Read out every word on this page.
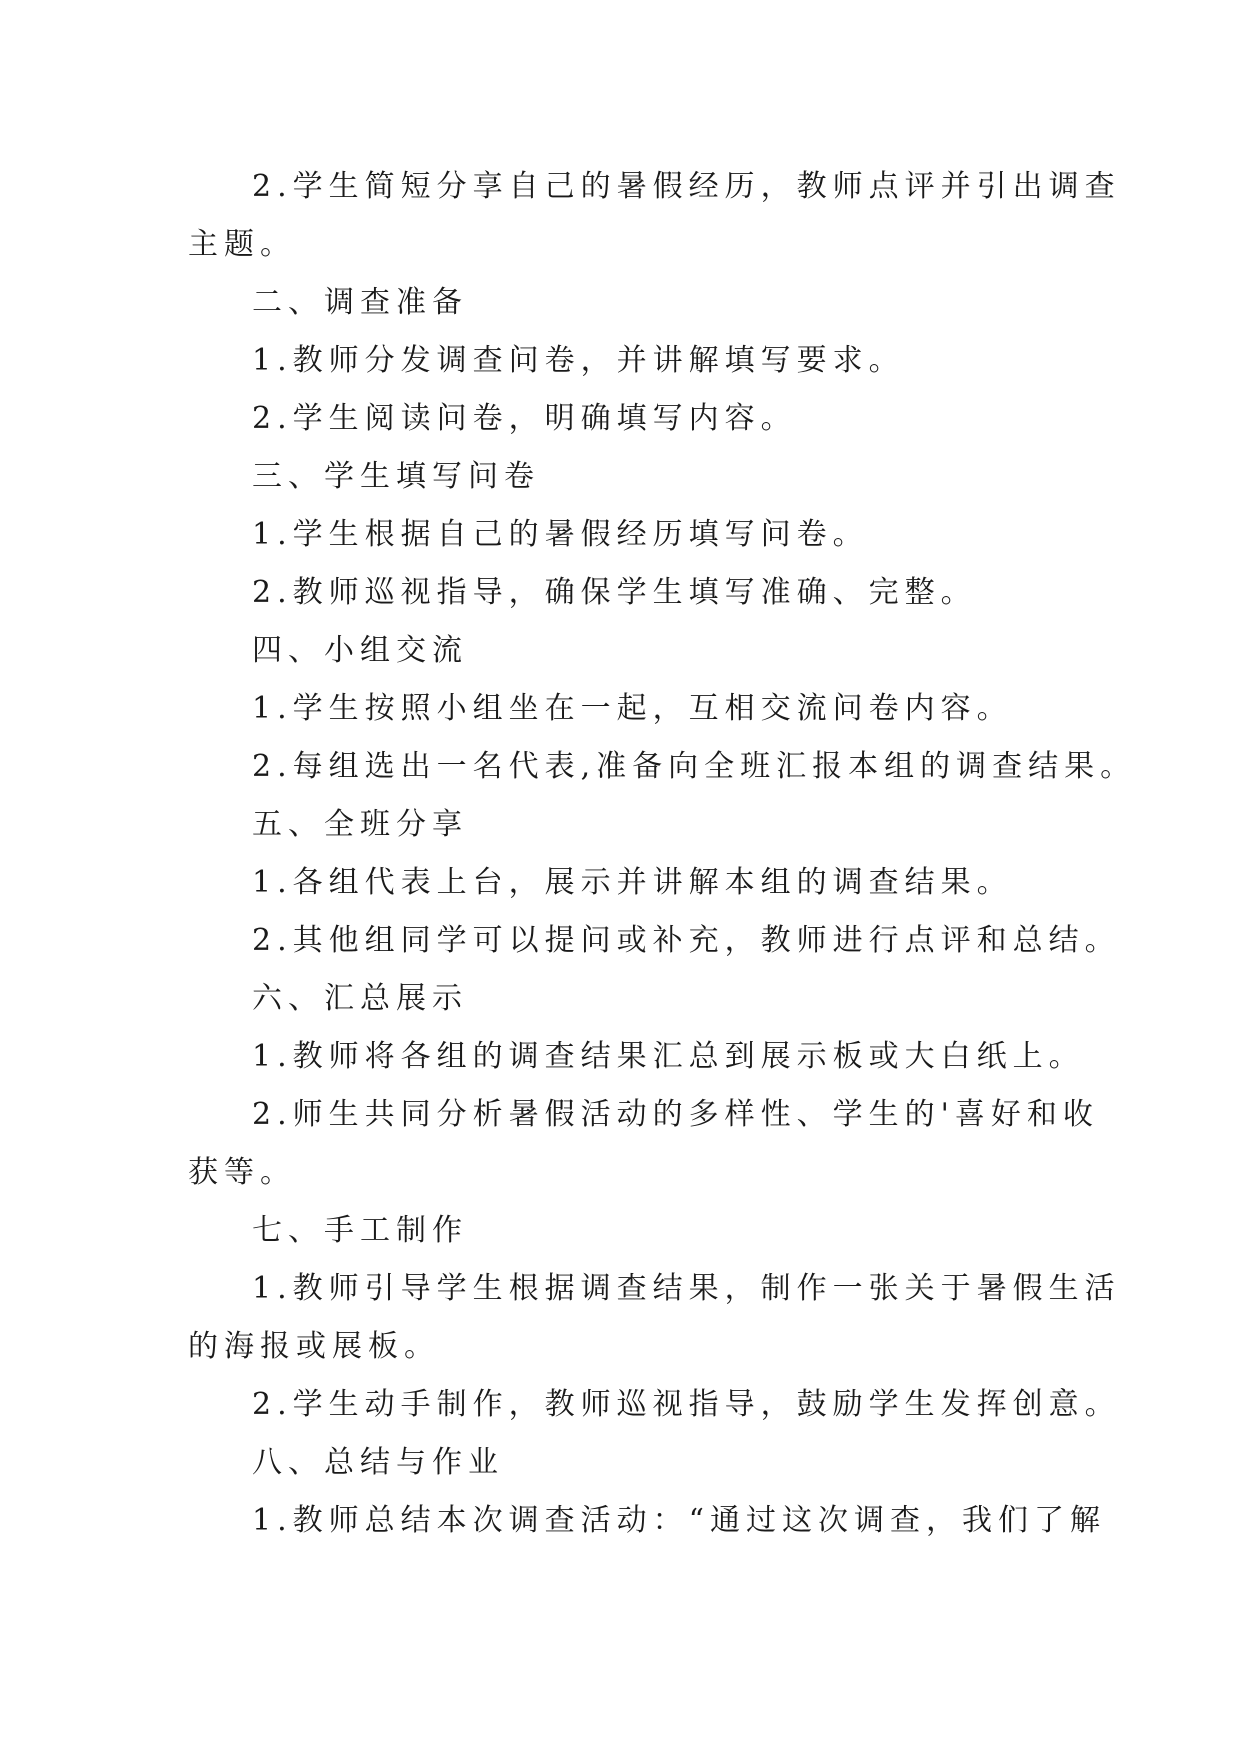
2.学生简短分享自己的暑假经历，教师点评并引出调查
主题。
二、调查准备
1.教师分发调查问卷，并讲解填写要求。
2.学生阅读问卷，明确填写内容。
三、学生填写问卷
1.学生根据自己的暑假经历填写问卷。
2.教师巡视指导，确保学生填写准确、完整。
四、小组交流
1.学生按照小组坐在一起，互相交流问卷内容。
2.每组选出一名代表,准备向全班汇报本组的调查结果。
五、全班分享
1.各组代表上台，展示并讲解本组的调查结果。
2.其他组同学可以提问或补充，教师进行点评和总结。
六、汇总展示
1.教师将各组的调查结果汇总到展示板或大白纸上。
2.师生共同分析暑假活动的多样性、学生的'喜好和收
获等。
七、手工制作
1.教师引导学生根据调查结果，制作一张关于暑假生活
的海报或展板。
2.学生动手制作，教师巡视指导，鼓励学生发挥创意。
八、总结与作业
1.教师总结本次调查活动：“通过这次调查，我们了解
